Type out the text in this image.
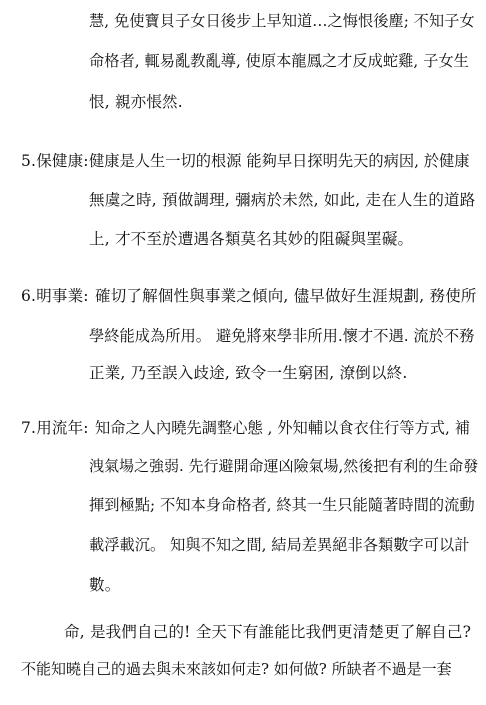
慧, 免使寶貝子女日後步上早知道…之悔恨後塵; 不知子女
命格者, 輒易亂教亂導, 使原本龍鳳之才反成蛇雞, 子女生
恨, 親亦悵然.
5.保健康: 健康是人生一切的根源 能夠早日探明先天的病因, 於健康
無虞之時, 預做調理, 彌病於未然, 如此, 走在人生的道路
上, 才不至於遭遇各類莫名其妙的阻礙與罣礙。
6.明事業: 確切了解個性與事業之傾向, 儘早做好生涯規劃, 務使所
學終能成為所用。 避免將來學非所用.懷才不遇. 流於不務
正業, 乃至誤入歧途, 致令一生窮困, 潦倒以終.
7.用流年: 知命之人內曉先調整心態 , 外知輔以食衣住行等方式, 補
洩氣場之強弱. 先行避開命運凶險氣場,然後把有利的生命發
揮到極點; 不知本身命格者, 終其一生只能隨著時間的流動
載浮載沉。 知與不知之間, 結局差異絕非各類數字可以計
數。
命, 是我們自己的! 全天下有誰能比我們更清楚更了解自己?
不能知曉自己的過去與未來該如何走? 如何做? 所缺者不過是一套
